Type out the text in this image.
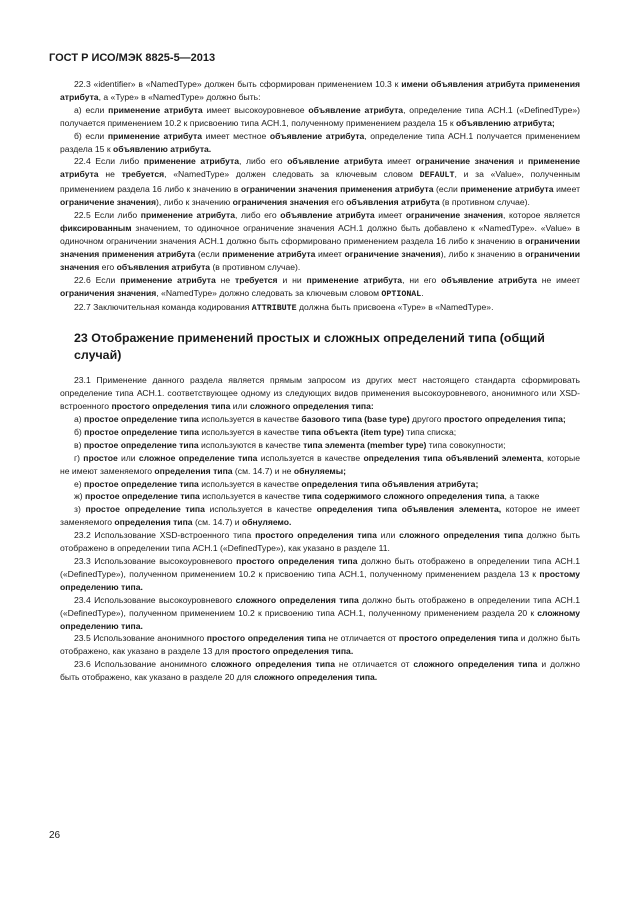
ГОСТ Р ИСО/МЭК 8825-5—2013

22.3 «identifier» в «NamedType» должен быть сформирован применением 10.3 к имени объявления атрибута применения атрибута, а «Type» в «NamedType» должно быть:

а) если применение атрибута имеет высокоуровневое объявление атрибута, определение типа АСН.1 («DefinedType») получается применением 10.2 к присвоению типа АСН.1, полученному применением раздела 15 к объявлению атрибута;

б) если применение атрибута имеет местное объявление атрибута, определение типа АСН.1 получается применением раздела 15 к объявлению атрибута.

22.4 Если либо применение атрибута, либо его объявление атрибута имеет ограничение значения и применение атрибута не требуется, «NamedType» должен следовать за ключевым словом DEFAULT, и за «Value», полученным применением раздела 16 либо к значению в ограничении значения применения атрибута (если применение атрибута имеет ограничение значения), либо к значению ограничения значения его объявления атрибута (в противном случае).

22.5 Если либо применение атрибута, либо его объявление атрибута имеет ограничение значения, которое является фиксированным значением, то одиночное ограничение значения АСН.1 должно быть добавлено к «NamedType». «Value» в одиночном ограничении значения АСН.1 должно быть сформировано применением раздела 16 либо к значению в ограничении значения применения атрибута (если применение атрибута имеет ограничение значения), либо к значению в ограничении значения его объявления атрибута (в противном случае).

22.6 Если применение атрибута не требуется и ни применение атрибута, ни его объявление атрибута не имеет ограничения значения, «NamedType» должно следовать за ключевым словом OPTIONAL.

22.7 Заключительная команда кодирования ATTRIBUTE должна быть присвоена «Type» в «NamedType».

23 Отображение применений простых и сложных определений типа (общий случай)

23.1 Применение данного раздела является прямым запросом из других мест настоящего стандарта сформировать определение типа АСН.1. соответствующее одному из следующих видов применения высокоуровневого, анонимного или XSD-встроенного простого определения типа или сложного определения типа:

а) простое определение типа используется в качестве базового типа (base type) другого простого определения типа;

б) простое определение типа используется в качестве типа объекта (item type) типа списка;

в) простое определение типа используются в качестве типа элемента (member type) типа совокупности;

г) простое или сложное определение типа используется в качестве определения типа объявлений элемента, которые не имеют заменяемого определения типа (см. 14.7) и не обнуляемы;

е) простое определение типа используется в качестве определения типа объявления атрибута;

ж) простое определение типа используется в качестве типа содержимого сложного определения типа, а также

з) простое определение типа используется в качестве определения типа объявления элемента, которое не имеет заменяемого определения типа (см. 14.7) и обнуляемо.

23.2 Использование XSD-встроенного типа простого определения типа или сложного определения типа должно быть отображено в определении типа АСН.1 («DefinedType»), как указано в разделе 11.

23.3 Использование высокоуровневого простого определения типа должно быть отображено в определении типа АСН.1 («DefinedType»), полученном применением 10.2 к присвоению типа АСН.1, полученному применением раздела 13 к простому определению типа.

23.4 Использование высокоуровневого сложного определения типа должно быть отображено в определении типа АСН.1 («DefinedType»), полученном применением 10.2 к присвоению типа АСН.1, полученному применением раздела 20 к сложному определению типа.

23.5 Использование анонимного простого определения типа не отличается от простого определения типа и должно быть отображено, как указано в разделе 13 для простого определения типа.

23.6 Использование анонимного сложного определения типа не отличается от сложного определения типа и должно быть отображено, как указано в разделе 20 для сложного определения типа.

26
